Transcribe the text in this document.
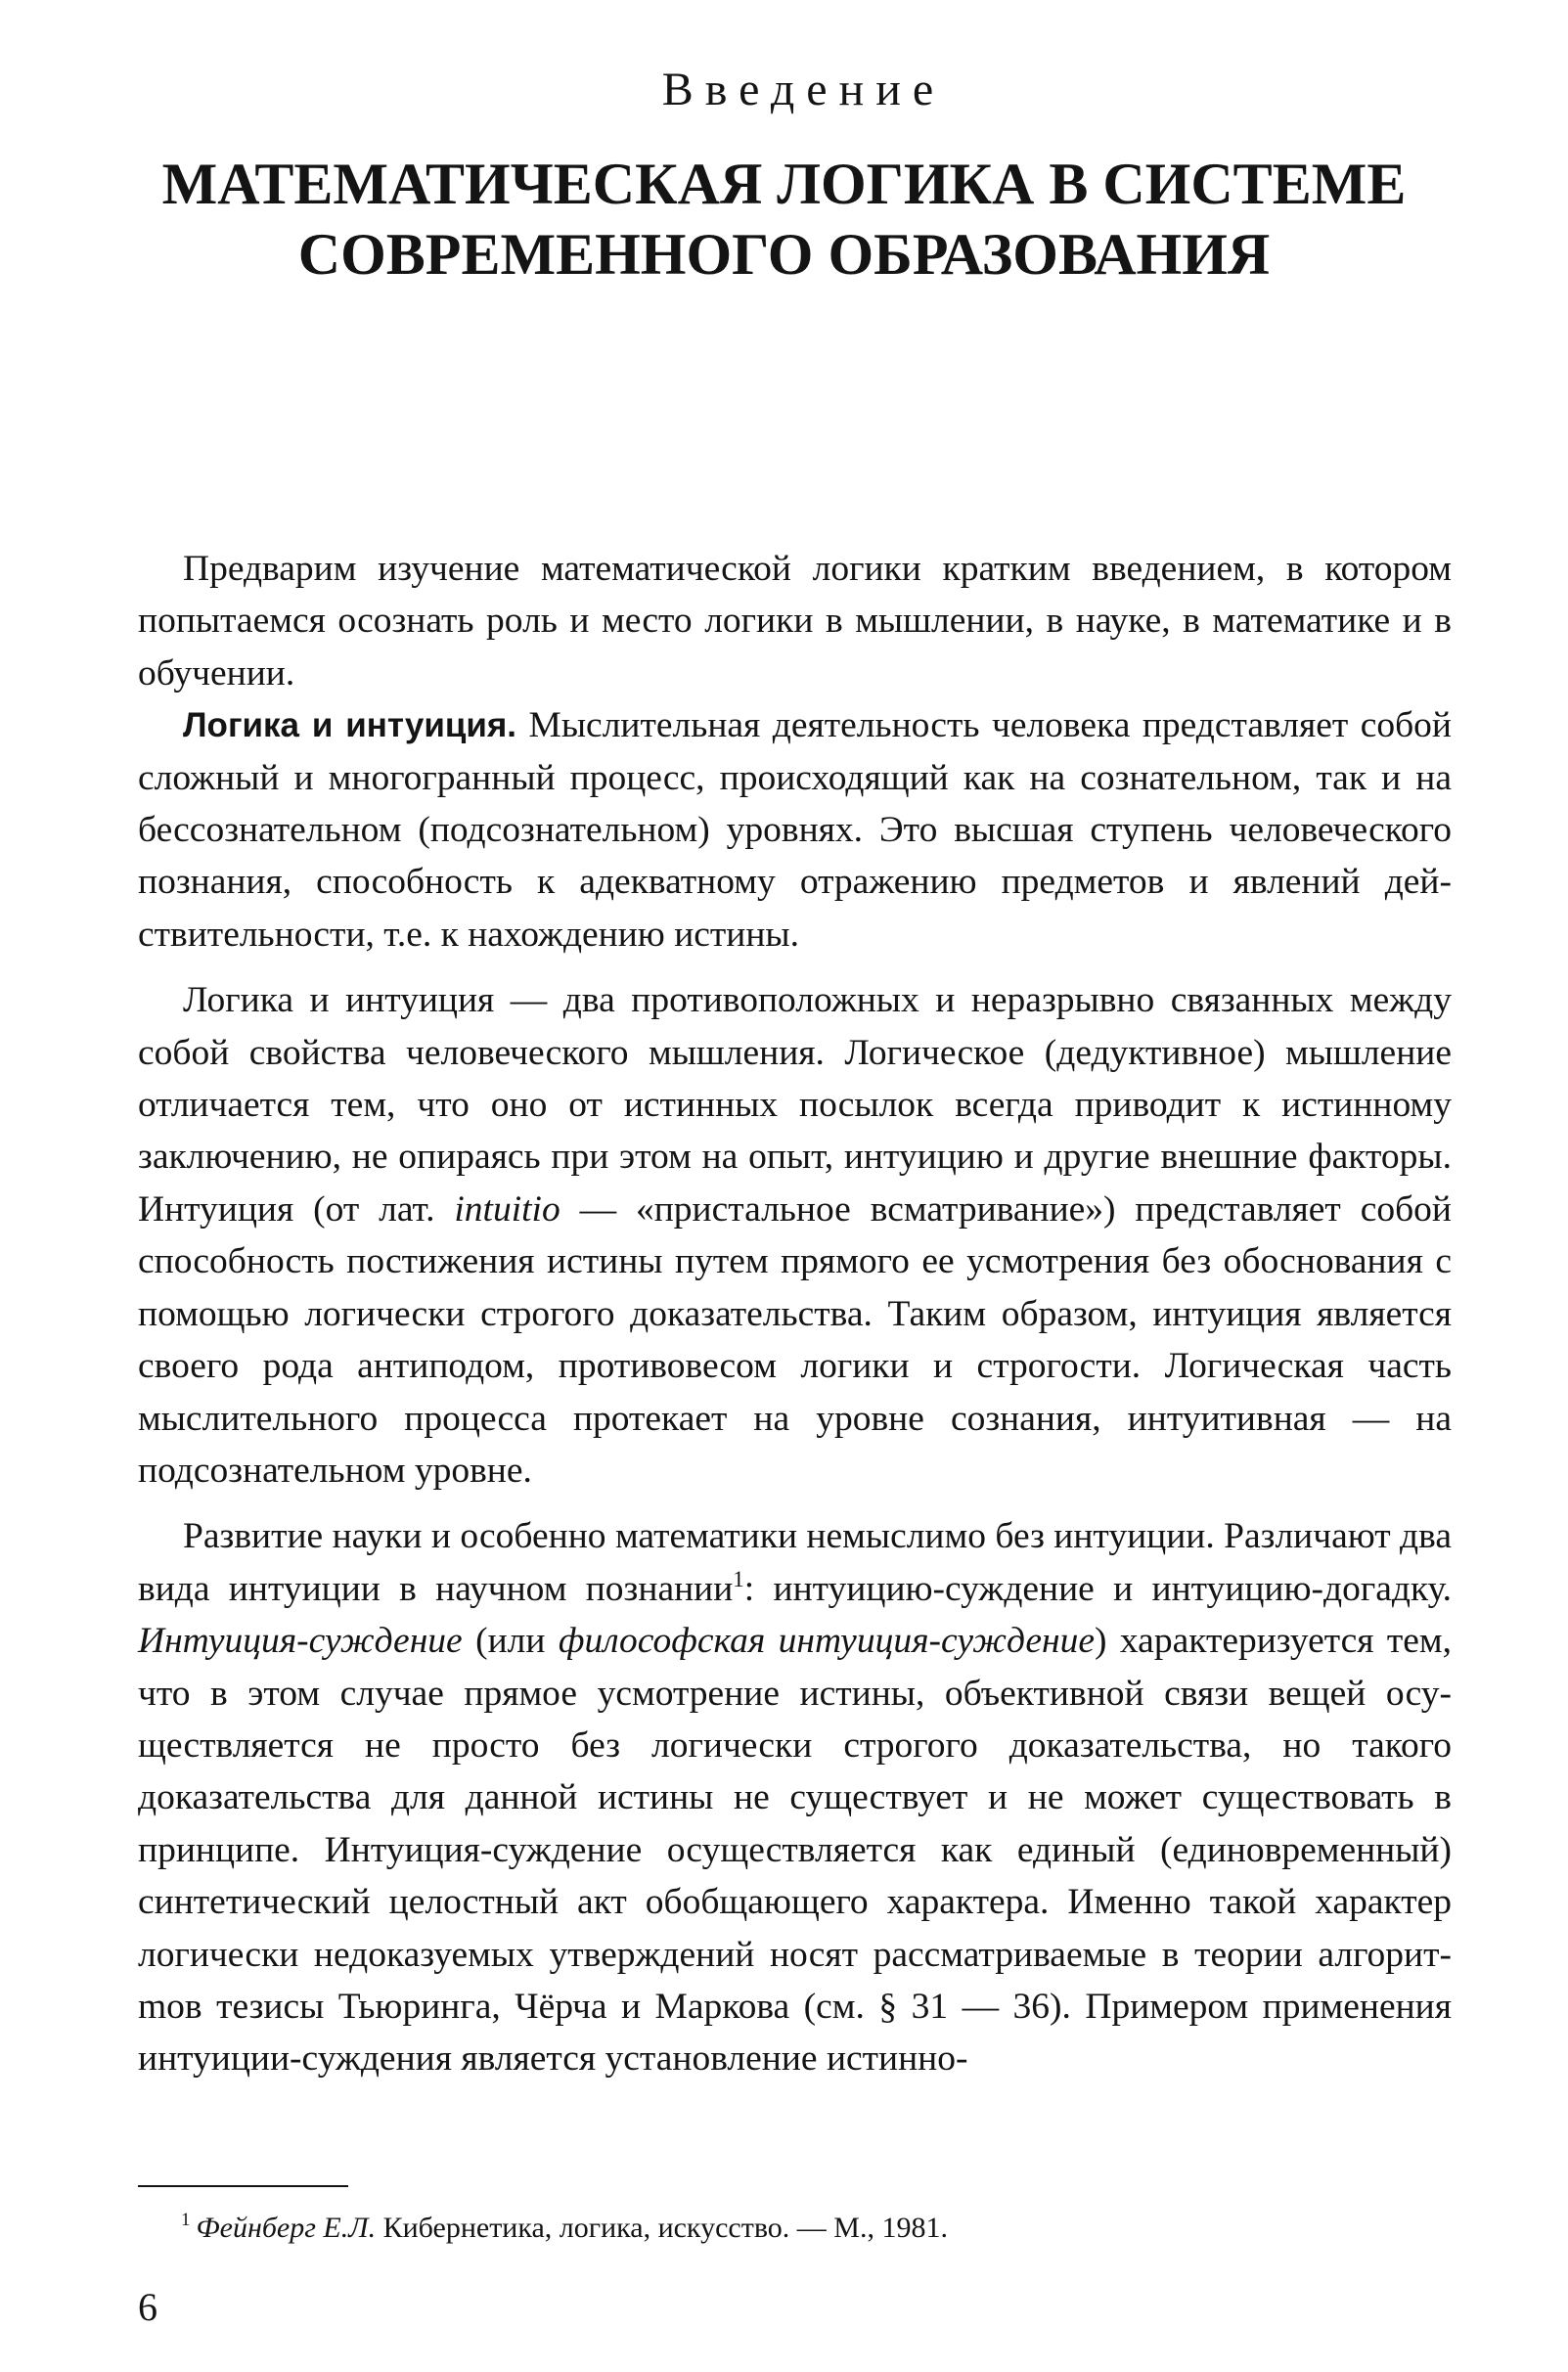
Введение
МАТЕМАТИЧЕСКАЯ ЛОГИКА В СИСТЕМЕ
СОВРЕМЕННОГО ОБРАЗОВАНИЯ

Предварим изучение математической логики кратким введением, в котором попытаемся осознать роль и место логики в мышлении, в науке, в математике и в обучении.

Логика и интуиция. Мыслительная деятельность человека представляет собой сложный и многогранный процесс, происходящий как на сознательном, так и на бессознательном (подсознательном) уровнях. Это высшая ступень человеческого познания, способность к адекватному отражению предметов и явлений действительности, т.е. к нахождению истины.

Логика и интуиция — два противоположных и неразрывно связанных между собой свойства человеческого мышления. Логическое (дедуктивное) мышление отличается тем, что оно от истинных посылок всегда приводит к истинному заключению, не опираясь при этом на опыт, интуицию и другие внешние факторы. Интуиция (от лат. intuitio — «пристальное всматривание») представляет собой способность постижения истины путем прямого ее усмотрения без обоснования с помощью логически строгого доказательства. Таким образом, интуиция является своего рода антиподом, противовесом логики и строгости. Логическая часть мыслительного процесса протекает на уровне сознания, интуитивная — на подсознательном уровне.

Развитие науки и особенно математики немыслимо без интуиции. Различают два вида интуиции в научном познании$^1$: интуицию-суждение и интуицию-догадку. Интуиция-суждение (или философская интуиция-суждение) характеризуется тем, что в этом случае прямое усмотрение истины, объективной связи вещей осуществляется не просто без логически строгого доказательства, но такого доказательства для данной истины не существует и не может существовать в принципе. Интуиция-суждение осуществляется как единый (единовременный) синтетический целостный акт обобщающего характера. Именно такой характер логически недоказуемых утверждений носят рассматриваемые в теории алгоритmов тезисы Тьюринга, Чёрча и Маркова (см. § 31 — 36). Примером применения интуиции-суждения является установление истинно-

$^1$ Фейнберг Е.Л. Кибернетика, логика, искусство. — М., 1981.
6
